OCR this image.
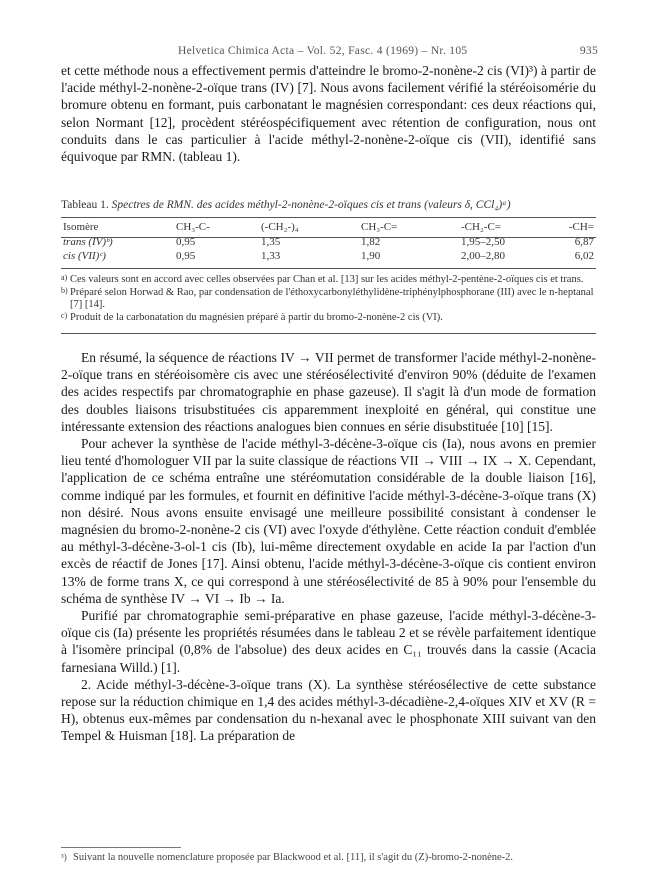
Helvetica Chimica Acta – Vol. 52, Fasc. 4 (1969) – Nr. 105	935
et cette méthode nous a effectivement permis d'atteindre le bromo-2-nonène-2 cis (VI)³) à partir de l'acide méthyl-2-nonène-2-oïque trans (IV) [7]. Nous avons facilement vérifié la stéréoisomérie du bromure obtenu en formant, puis carbonatant le magnésien correspondant: ces deux réactions qui, selon Normant [12], procèdent stéréospécifiquement avec rétention de configuration, nous ont conduits dans le cas particulier à l'acide méthyl-2-nonène-2-oïque cis (VII), identifié sans équivoque par RMN. (tableau 1).
Tableau 1. Spectres de RMN. des acides méthyl-2-nonène-2-oïques cis et trans (valeurs δ, CCl₄)ᵃ)
Isomère	CH₃-C-	(-CH₂-)₄	CH₃-C=	-CH₂-C=	-CH=
trans (IV)ᵇ)	0,95	1,35	1,82	1,95–2,50	6,87
cis (VII)ᶜ)	0,95	1,33	1,90	2,00–2,80	6,02
a) Ces valeurs sont en accord avec celles observées par Chan et al. [13] sur les acides méthyl-2-pentène-2-oïques cis et trans.
b) Préparé selon Horwad & Rao, par condensation de l'éthoxycarbonyléthylidène-triphénylphosphorane (III) avec le n-heptanal [7] [14].
c) Produit de la carbonatation du magnésien préparé à partir du bromo-2-nonène-2 cis (VI).
En résumé, la séquence de réactions IV → VII permet de transformer l'acide méthyl-2-nonène-2-oïque trans en stéréoisomère cis avec une stéréosélectivité d'environ 90% (déduite de l'examen des acides respectifs par chromatographie en phase gazeuse). Il s'agit là d'un mode de formation des doubles liaisons trisubstituées cis apparemment inexploité en général, qui constitue une intéressante extension des réactions analogues bien connues en série disubstituée [10] [15].
Pour achever la synthèse de l'acide méthyl-3-décène-3-oïque cis (Ia), nous avons en premier lieu tenté d'homologuer VII par la suite classique de réactions VII → VIII → IX → X. Cependant, l'application de ce schéma entraîne une stéréomutation considérable de la double liaison [16], comme indiqué par les formules, et fournit en définitive l'acide méthyl-3-décène-3-oïque trans (X) non désiré. Nous avons ensuite envisagé une meilleure possibilité consistant à condenser le magnésien du bromo-2-nonène-2 cis (VI) avec l'oxyde d'éthylène. Cette réaction conduit d'emblée au méthyl-3-décène-3-ol-1 cis (Ib), lui-même directement oxydable en acide Ia par l'action d'un excès de réactif de Jones [17]. Ainsi obtenu, l'acide méthyl-3-décène-3-oïque cis contient environ 13% de forme trans X, ce qui correspond à une stéréosélectivité de 85 à 90% pour l'ensemble du schéma de synthèse IV → VI → Ib → Ia.
Purifié par chromatographie semi-préparative en phase gazeuse, l'acide méthyl-3-décène-3-oïque cis (Ia) présente les propriétés résumées dans le tableau 2 et se révèle parfaitement identique à l'isomère principal (0,8% de l'absolue) des deux acides en C₁₁ trouvés dans la cassie (Acacia farnesiana Willd.) [1].
2. Acide méthyl-3-décène-3-oïque trans (X). La synthèse stéréosélective de cette substance repose sur la réduction chimique en 1,4 des acides méthyl-3-décadiène-2,4-oïques XIV et XV (R = H), obtenus eux-mêmes par condensation du n-hexanal avec le phosphonate XIII suivant van den Tempel & Huisman [18]. La préparation de
³) Suivant la nouvelle nomenclature proposée par Blackwood et al. [11], il s'agit du (Z)-bromo-2-nonène-2.
